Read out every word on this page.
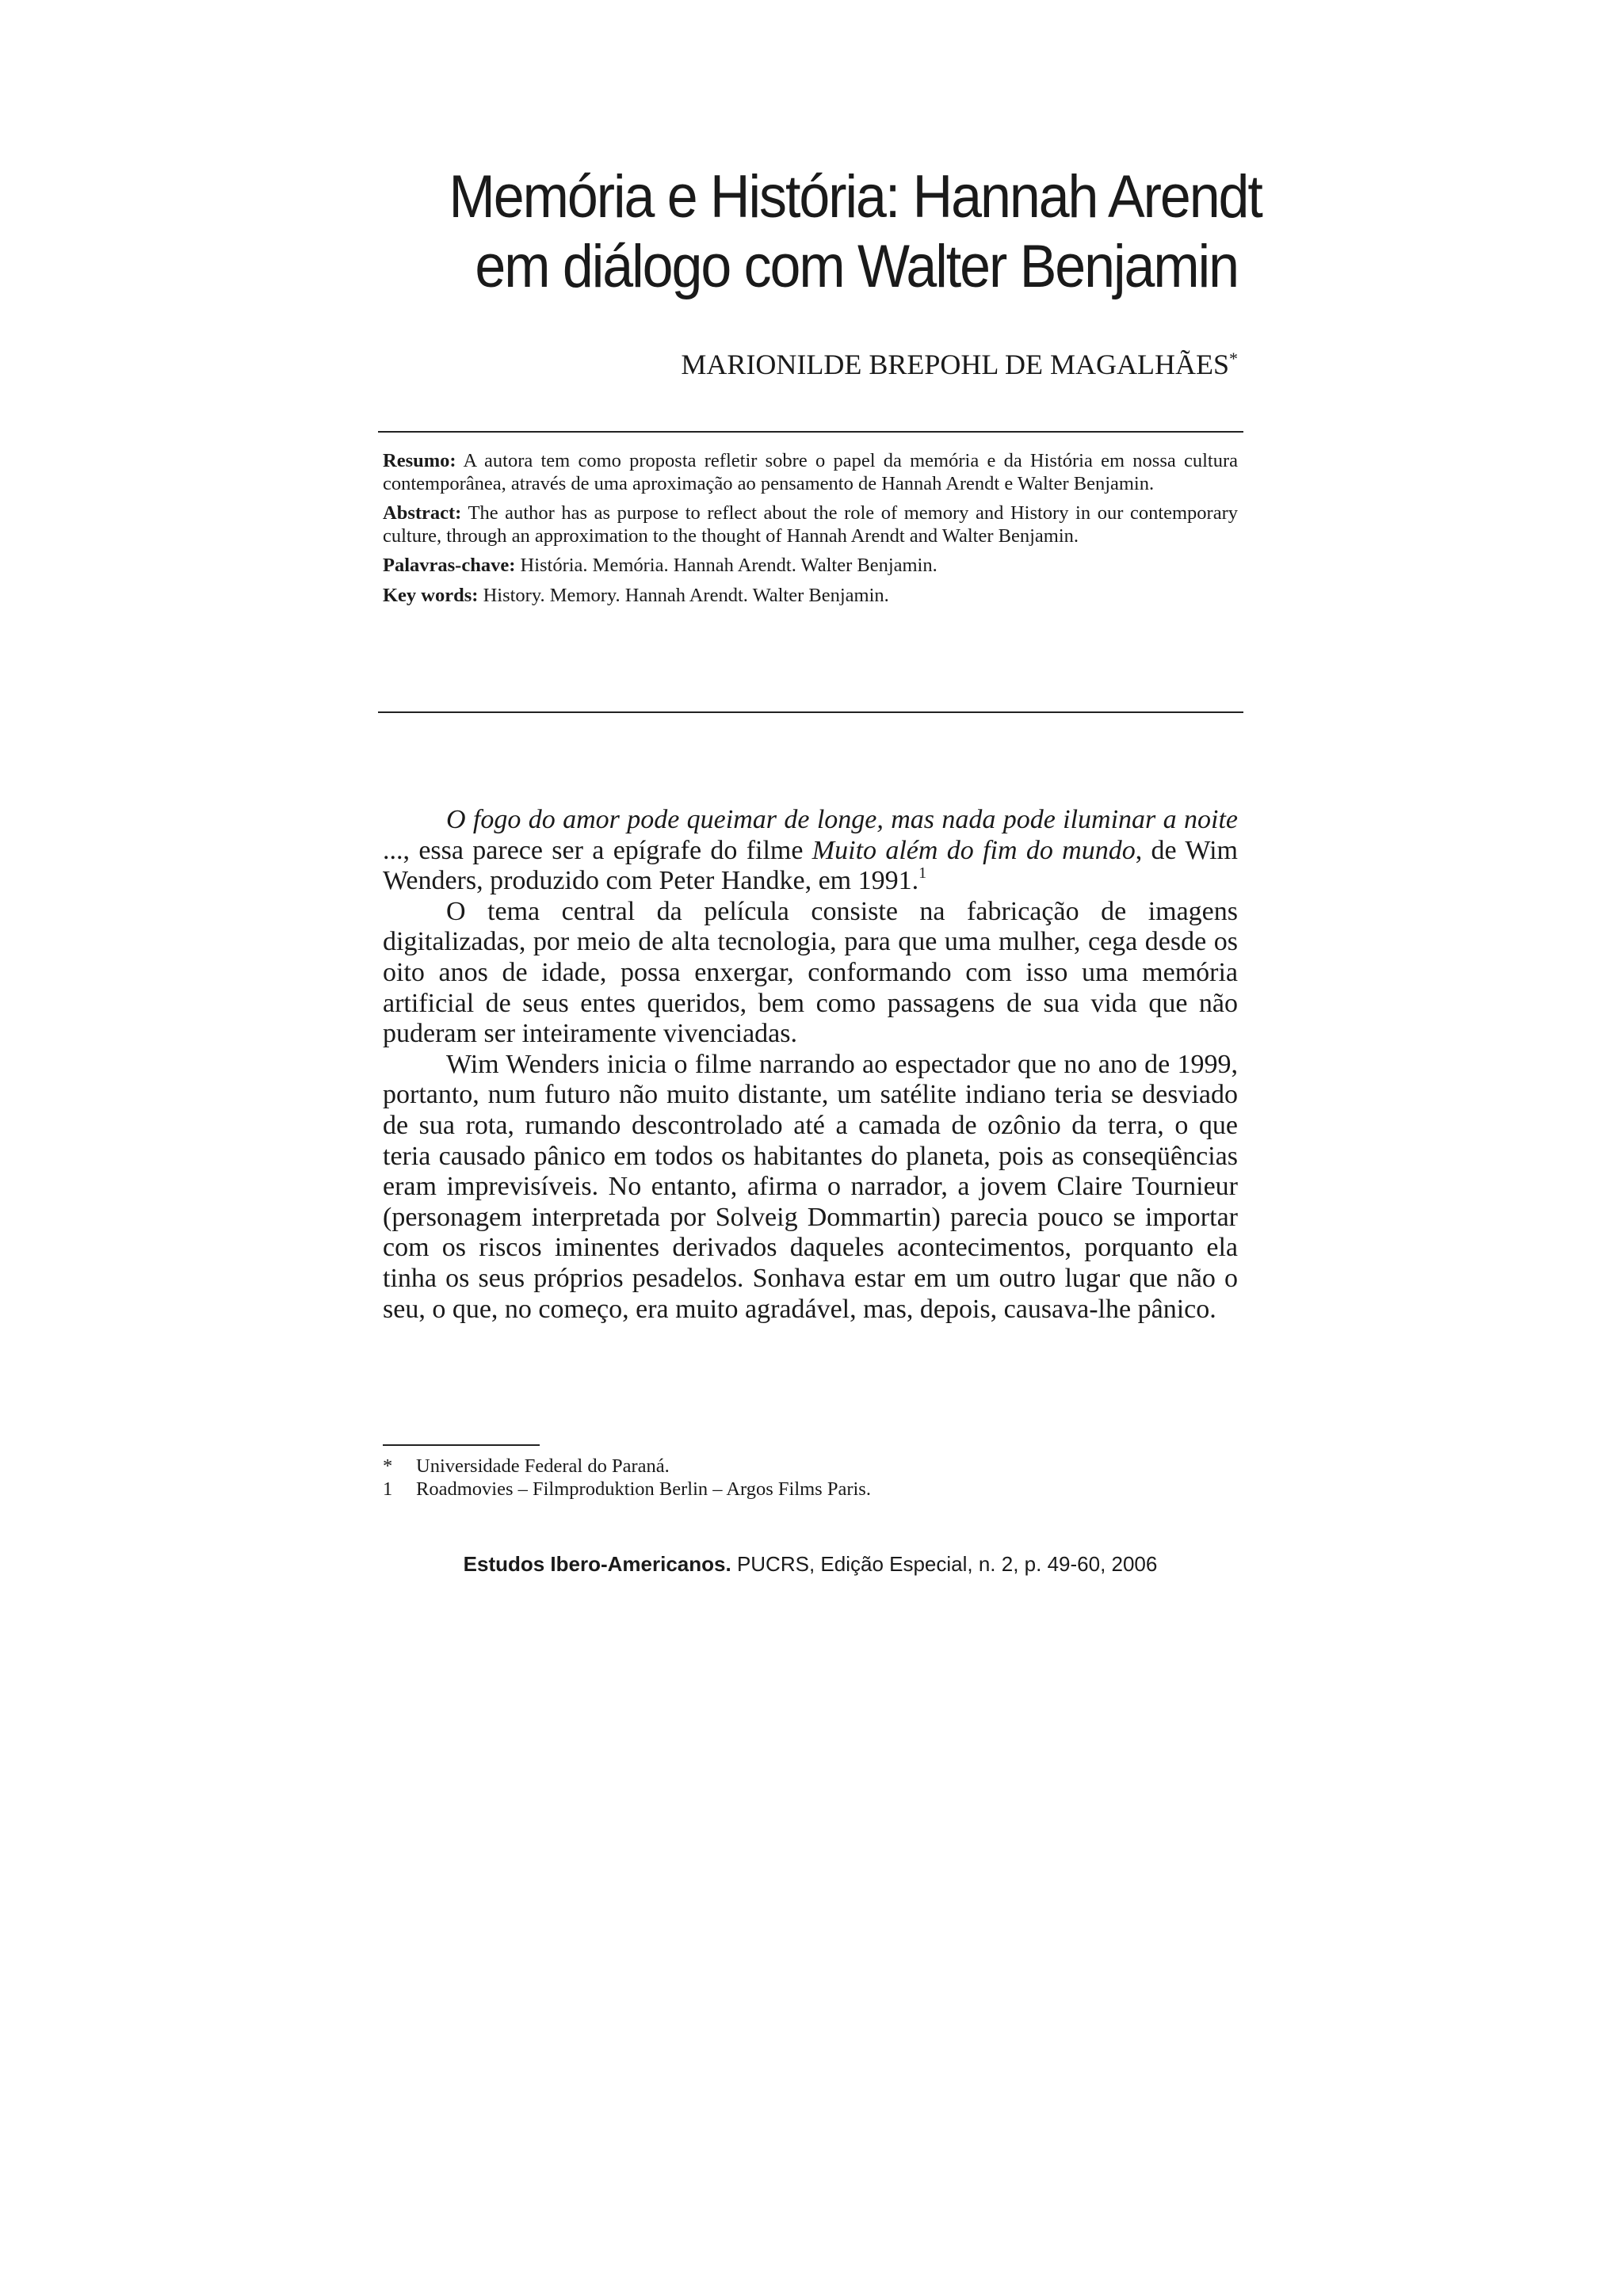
Memória e História: Hannah Arendt
em diálogo com Walter Benjamin
MARIONILDE BREPOHL DE MAGALHÃES*

Resumo: A autora tem como proposta refletir sobre o papel da memória e da História em nossa cultura contemporânea, através de uma aproximação ao pensamento de Hannah Arendt e Walter Benjamin.

Abstract: The author has as purpose to reflect about the role of memory and History in our contemporary culture, through an approximation to the thought of Hannah Arendt and Walter Benjamin.

Palavras-chave: História. Memória. Hannah Arendt. Walter Benjamin.

Key words: History. Memory. Hannah Arendt. Walter Benjamin.

O fogo do amor pode queimar de longe, mas nada pode iluminar a noite ..., essa parece ser a epígrafe do filme Muito além do fim do mundo, de Wim Wenders, produzido com Peter Handke, em 1991.$^1$

O tema central da película consiste na fabricação de imagens digitalizadas, por meio de alta tecnologia, para que uma mulher, cega desde os oito anos de idade, possa enxergar, conformando com isso uma memória artificial de seus entes queridos, bem como passagens de sua vida que não puderam ser inteiramente vivenciadas.

Wim Wenders inicia o filme narrando ao espectador que no ano de 1999, portanto, num futuro não muito distante, um satélite indiano teria se desviado de sua rota, rumando descontrolado até a camada de ozônio da terra, o que teria causado pânico em todos os habitantes do planeta, pois as conseqüências eram imprevisíveis. No entanto, afirma o narrador, a jovem Claire Tournieur (personagem interpretada por Solveig Dommartin) parecia pouco se importar com os riscos iminentes derivados daqueles acontecimentos, porquanto ela tinha os seus próprios pesadelos. Sonhava estar em um outro lugar que não o seu, o que, no começo, era muito agradável, mas, depois, causava-lhe pânico.

*	Universidade Federal do Paraná.
1	Roadmovies – Filmproduktion Berlin – Argos Films Paris.
Estudos Ibero-Americanos. PUCRS, Edição Especial, n. 2, p. 49-60, 2006
